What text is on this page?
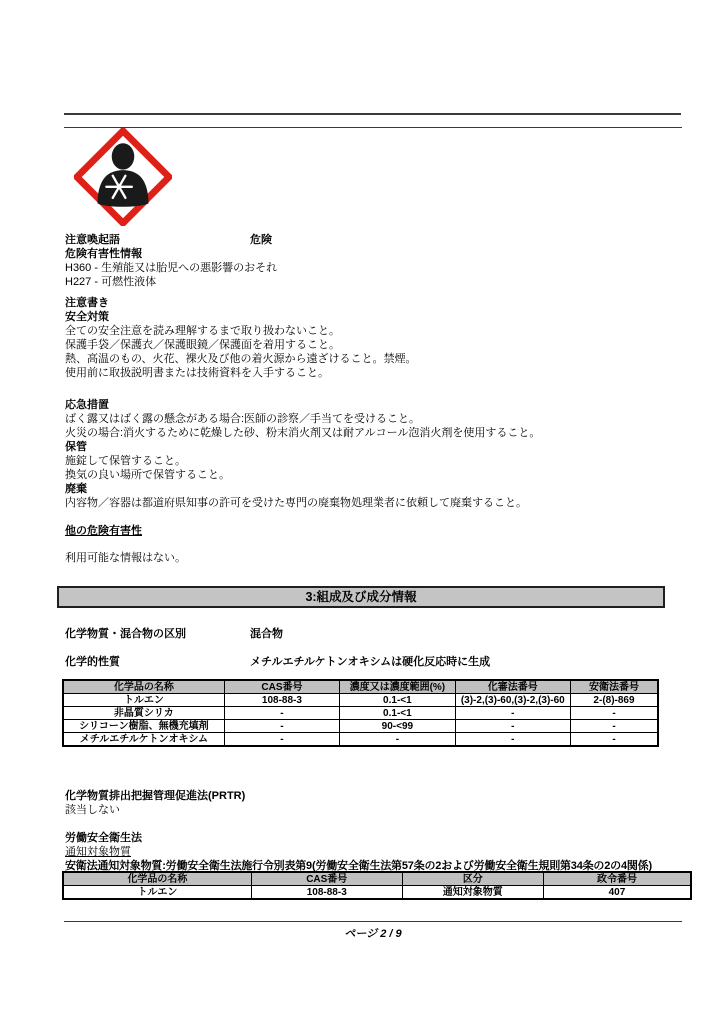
注意喚起語	危険
危険有害性情報
H360 - 生殖能又は胎児への悪影響のおそれ
H227 - 可燃性液体
注意書き
安全対策
全ての安全注意を読み理解するまで取り扱わないこと。
保護手袋／保護衣／保護眼鏡／保護面を着用すること。
熱、高温のもの、火花、裸火及び他の着火源から遠ざけること。禁煙。
使用前に取扱説明書または技術資料を入手すること。
応急措置
ばく露又はばく露の懸念がある場合:医師の診察／手当てを受けること。
火災の場合:消火するために乾燥した砂、粉末消火剤又は耐アルコール泡消火剤を使用すること。
保管
施錠して保管すること。
換気の良い場所で保管すること。
廃棄
内容物／容器は都道府県知事の許可を受けた専門の廃棄物処理業者に依頼して廃棄すること。
他の危険有害性
利用可能な情報はない。
3:組成及び成分情報
化学物質・混合物の区別	混合物
化学的性質	メチルエチルケトンオキシムは硬化反応時に生成
化学品の名称	CAS番号	濃度又は濃度範囲(%)	化審法番号	安衛法番号
トルエン	108-88-3	0.1-<1	(3)-2,(3)-60,(3)-2,(3)-60	2-(8)-869
非晶質シリカ	-	0.1-<1	-	-
シリコーン樹脂、無機充填剤	-	90-<99	-	-
メチルエチルケトンオキシム	-	-	-	-
化学物質排出把握管理促進法(PRTR)
該当しない
労働安全衛生法
通知対象物質
安衛法通知対象物質:労働安全衛生法施行令別表第9(労働安全衛生法第57条の2および労働安全衛生規則第34条の2の4関係)
化学品の名称	CAS番号	区分	政令番号
トルエン	108-88-3	通知対象物質	407
ページ 2 / 9
